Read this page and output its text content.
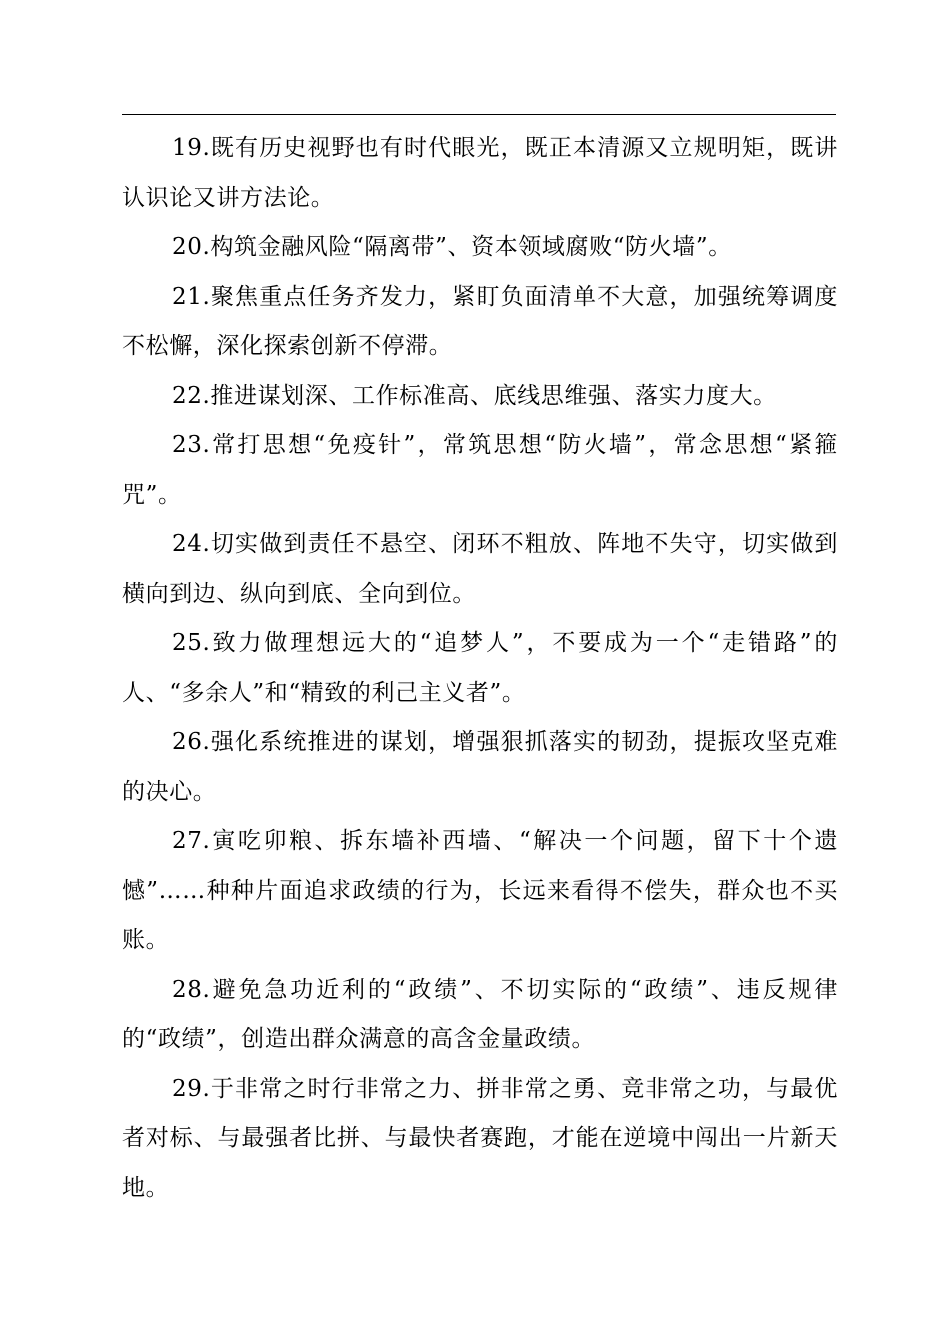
19.既有历史视野也有时代眼光，既正本清源又立规明矩，既讲认识论又讲方法论。

20.构筑金融风险“隔离带”、资本领域腐败“防火墙”。

21.聚焦重点任务齐发力，紧盯负面清单不大意，加强统筹调度不松懈，深化探索创新不停滞。

22.推进谋划深、工作标准高、底线思维强、落实力度大。

23.常打思想“免疫针”，常筑思想“防火墙”，常念思想“紧箍咒”。

24.切实做到责任不悬空、闭环不粗放、阵地不失守，切实做到横向到边、纵向到底、全向到位。

25.致力做理想远大的“追梦人”，不要成为一个“走错路”的人、“多余人”和“精致的利己主义者”。

26.强化系统推进的谋划，增强狠抓落实的韧劲，提振攻坚克难的决心。

27.寅吃卯粮、拆东墙补西墙、“解决一个问题，留下十个遗憾”……种种片面追求政绩的行为，长远来看得不偿失，群众也不买账。

28.避免急功近利的“政绩”、不切实际的“政绩”、违反规律的“政绩”，创造出群众满意的高含金量政绩。

29.于非常之时行非常之力、拼非常之勇、竞非常之功，与最优者对标、与最强者比拼、与最快者赛跑，才能在逆境中闯出一片新天地。
